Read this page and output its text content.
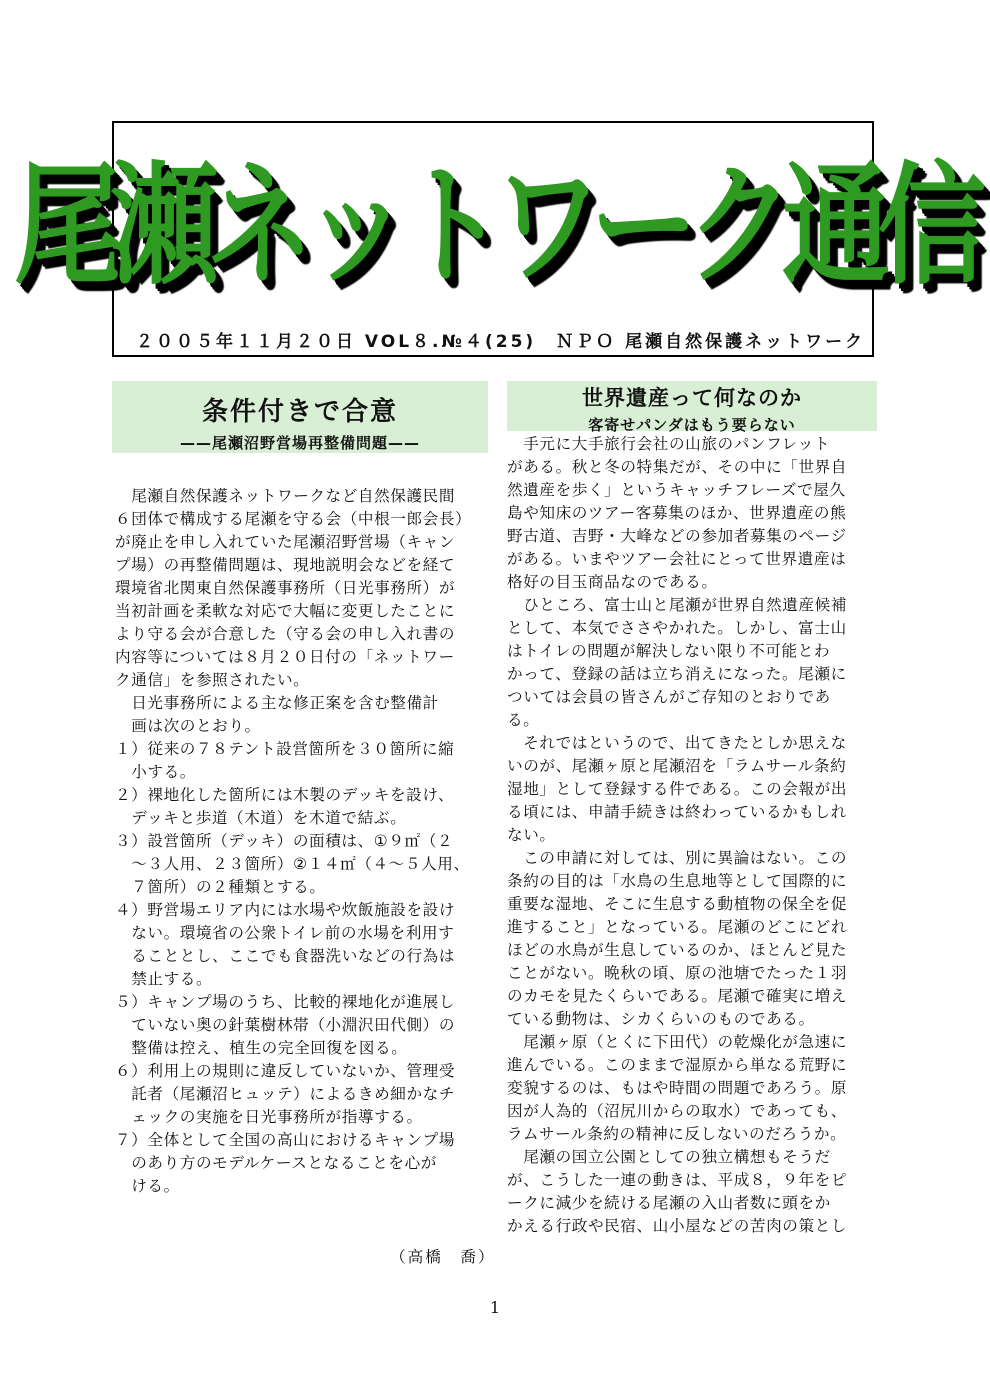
尾瀬ネットワーク通信
２００５年１１月２０日 VOL８.№４(25)　ＮＰＯ 尾瀬自然保護ネットワーク
条件付きで合意
——尾瀬沼野営場再整備問題——
世界遺産って何なのか
客寄せパンダはもう要らない
　尾瀬自然保護ネットワークなど自然保護民間
６団体で構成する尾瀬を守る会（中根一郎会長）
が廃止を申し入れていた尾瀬沼野営場（キャン
プ場）の再整備問題は、現地説明会などを経て
環境省北関東自然保護事務所（日光事務所）が
当初計画を柔軟な対応で大幅に変更したことに
より守る会が合意した（守る会の申し入れ書の
内容等については８月２０日付の「ネットワー
ク通信」を参照されたい。
　日光事務所による主な修正案を含む整備計
　画は次のとおり。
１）従来の７８テント設営箇所を３０箇所に縮
　小する。
２）裸地化した箇所には木製のデッキを設け、
　デッキと歩道（木道）を木道で結ぶ。
３）設営箇所（デッキ）の面積は、①９㎡（２
　～３人用、２３箇所）②１４㎡（４～５人用、
　７箇所）の２種類とする。
４）野営場エリア内には水場や炊飯施設を設け
　ない。環境省の公衆トイレ前の水場を利用す
　ることとし、ここでも食器洗いなどの行為は
　禁止する。
５）キャンプ場のうち、比較的裸地化が進展し
　ていない奥の針葉樹林帯（小淵沢田代側）の
　整備は控え、植生の完全回復を図る。
６）利用上の規則に違反していないか、管理受
　託者（尾瀬沼ヒュッテ）によるきめ細かなチ
　ェックの実施を日光事務所が指導する。
７）全体として全国の高山におけるキャンプ場
　のあり方のモデルケースとなることを心が
　ける。
（高橋　喬）
　手元に大手旅行会社の山旅のパンフレット
がある。秋と冬の特集だが、その中に「世界自
然遺産を歩く」というキャッチフレーズで屋久
島や知床のツアー客募集のほか、世界遺産の熊
野古道、吉野・大峰などの参加者募集のページ
がある。いまやツアー会社にとって世界遺産は
格好の目玉商品なのである。
　ひところ、富士山と尾瀬が世界自然遺産候補
として、本気でささやかれた。しかし、富士山
はトイレの問題が解決しない限り不可能とわ
かって、登録の話は立ち消えになった。尾瀬に
ついては会員の皆さんがご存知のとおりであ
る。
　それではというので、出てきたとしか思えな
いのが、尾瀬ヶ原と尾瀬沼を「ラムサール条約
湿地」として登録する件である。この会報が出
る頃には、申請手続きは終わっているかもしれ
ない。
　この申請に対しては、別に異論はない。この
条約の目的は「水鳥の生息地等として国際的に
重要な湿地、そこに生息する動植物の保全を促
進すること」となっている。尾瀬のどこにどれ
ほどの水鳥が生息しているのか、ほとんど見た
ことがない。晩秋の頃、原の池塘でたった１羽
のカモを見たくらいである。尾瀬で確実に増え
ている動物は、シカくらいのものである。
　尾瀬ヶ原（とくに下田代）の乾燥化が急速に
進んでいる。このままで湿原から単なる荒野に
変貌するのは、もはや時間の問題であろう。原
因が人為的（沼尻川からの取水）であっても、
ラムサール条約の精神に反しないのだろうか。
　尾瀬の国立公園としての独立構想もそうだ
が、こうした一連の動きは、平成８，９年をピ
ークに減少を続ける尾瀬の入山者数に頭をか
かえる行政や民宿、山小屋などの苦肉の策とし
1
